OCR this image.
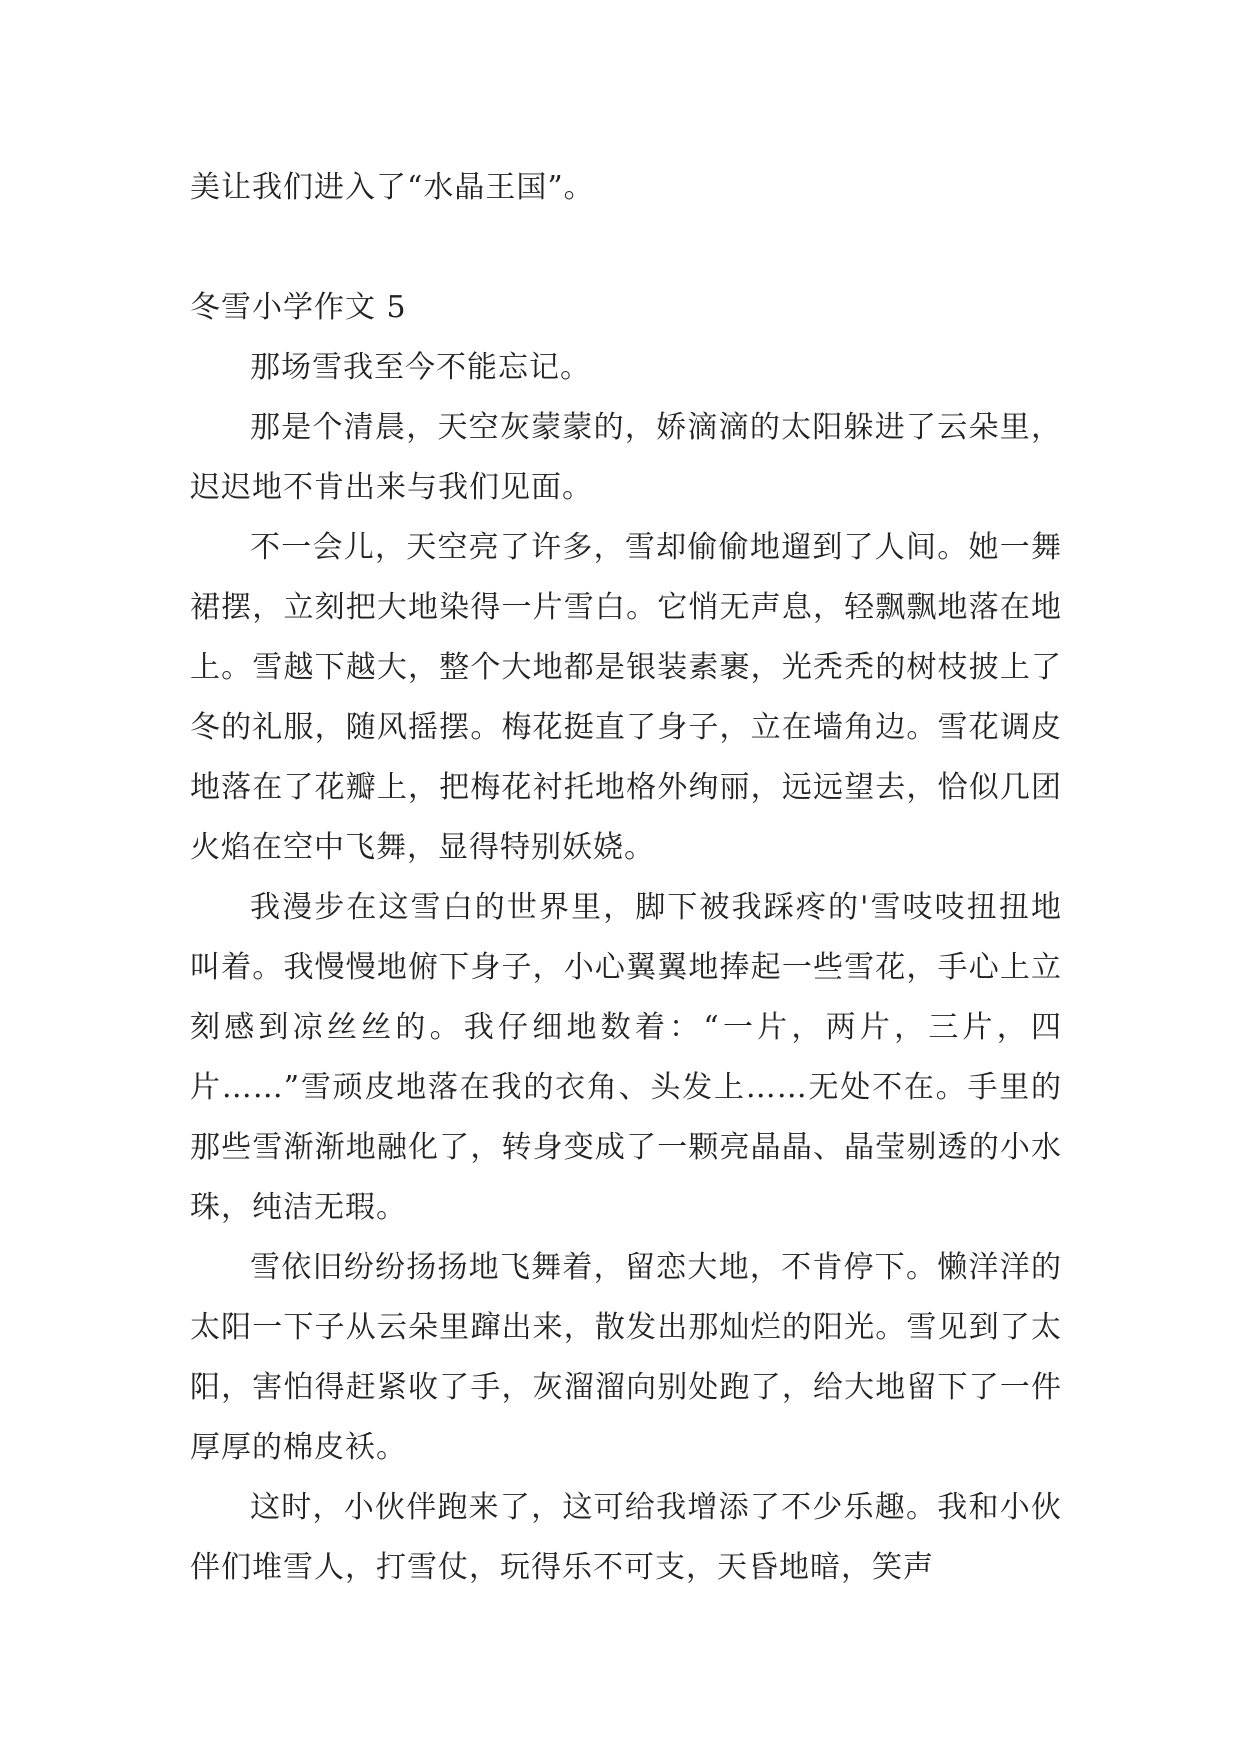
美让我们进入了“水晶王国”。

冬雪小学作文 5

那场雪我至今不能忘记。

那是个清晨，天空灰蒙蒙的，娇滴滴的太阳躲进了云朵里，迟迟地不肯出来与我们见面。

不一会儿，天空亮了许多，雪却偷偷地遛到了人间。她一舞裙摆，立刻把大地染得一片雪白。它悄无声息，轻飘飘地落在地上。雪越下越大，整个大地都是银装素裹，光秃秃的树枝披上了冬的礼服，随风摇摆。梅花挺直了身子，立在墙角边。雪花调皮地落在了花瓣上，把梅花衬托地格外绚丽，远远望去，恰似几团火焰在空中飞舞，显得特别妖娆。

我漫步在这雪白的世界里，脚下被我踩疼的'雪吱吱扭扭地叫着。我慢慢地俯下身子，小心翼翼地捧起一些雪花，手心上立刻感到凉丝丝的。我仔细地数着：“一片，两片，三片，四片……”雪顽皮地落在我的衣角、头发上……无处不在。手里的那些雪渐渐地融化了，转身变成了一颗亮晶晶、晶莹剔透的小水珠，纯洁无瑕。

雪依旧纷纷扬扬地飞舞着，留恋大地，不肯停下。懒洋洋的太阳一下子从云朵里蹿出来，散发出那灿烂的阳光。雪见到了太阳，害怕得赶紧收了手，灰溜溜向别处跑了，给大地留下了一件厚厚的棉皮袄。

这时，小伙伴跑来了，这可给我增添了不少乐趣。我和小伙伴们堆雪人，打雪仗，玩得乐不可支，天昏地暗，笑声
